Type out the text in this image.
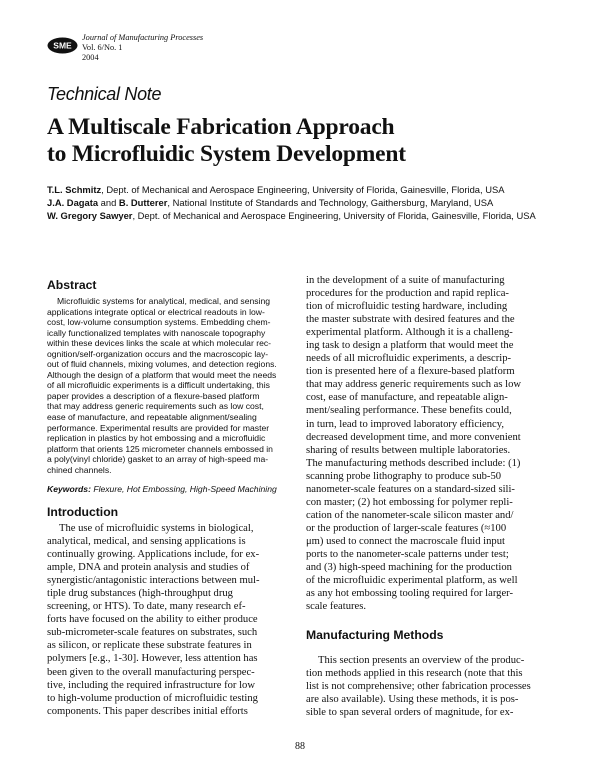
SME
Journal of Manufacturing Processes
Vol. 6/No. 1
2004
Technical Note
A Multiscale Fabrication Approach
to Microfluidic System Development
T.L. Schmitz, Dept. of Mechanical and Aerospace Engineering, University of Florida, Gainesville, Florida, USA
J.A. Dagata and B. Dutterer, National Institute of Standards and Technology, Gaithersburg, Maryland, USA
W. Gregory Sawyer, Dept. of Mechanical and Aerospace Engineering, University of Florida, Gainesville, Florida, USA
Abstract
Microfluidic systems for analytical, medical, and sensing
applications integrate optical or electrical readouts in low-
cost, low-volume consumption systems. Embedding chem-
ically functionalized templates with nanoscale topography
within these devices links the scale at which molecular rec-
ognition/self-organization occurs and the macroscopic lay-
out of fluid channels, mixing volumes, and detection regions.
Although the design of a platform that would meet the needs
of all microfluidic experiments is a difficult undertaking, this
paper provides a description of a flexure-based platform
that may address generic requirements such as low cost,
ease of manufacture, and repeatable alignment/sealing
performance. Experimental results are provided for master
replication in plastics by hot embossing and a microfluidic
platform that orients 125 micrometer channels embossed in
a poly(vinyl chloride) gasket to an array of high-speed ma-
chined channels.
Keywords: Flexure, Hot Embossing, High-Speed Machining
Introduction
The use of microfluidic systems in biological,
analytical, medical, and sensing applications is
continually growing. Applications include, for ex-
ample, DNA and protein analysis and studies of
synergistic/antagonistic interactions between mul-
tiple drug substances (high-throughput drug
screening, or HTS). To date, many research ef-
forts have focused on the ability to either produce
sub-micrometer-scale features on substrates, such
as silicon, or replicate these substrate features in
polymers [e.g., 1-30]. However, less attention has
been given to the overall manufacturing perspec-
tive, including the required infrastructure for low
to high-volume production of microfluidic testing
components. This paper describes initial efforts
in the development of a suite of manufacturing
procedures for the production and rapid replica-
tion of microfluidic testing hardware, including
the master substrate with desired features and the
experimental platform. Although it is a challeng-
ing task to design a platform that would meet the
needs of all microfluidic experiments, a descrip-
tion is presented here of a flexure-based platform
that may address generic requirements such as low
cost, ease of manufacture, and repeatable align-
ment/sealing performance. These benefits could,
in turn, lead to improved laboratory efficiency,
decreased development time, and more convenient
sharing of results between multiple laboratories.
The manufacturing methods described include: (1)
scanning probe lithography to produce sub-50
nanometer-scale features on a standard-sized sili-
con master; (2) hot embossing for polymer repli-
cation of the nanometer-scale silicon master and/
or the production of larger-scale features (≈100
μm) used to connect the macroscale fluid input
ports to the nanometer-scale patterns under test;
and (3) high-speed machining for the production
of the microfluidic experimental platform, as well
as any hot embossing tooling required for larger-
scale features.
Manufacturing Methods
This section presents an overview of the produc-
tion methods applied in this research (note that this
list is not comprehensive; other fabrication processes
are also available). Using these methods, it is pos-
sible to span several orders of magnitude, for ex-
88
